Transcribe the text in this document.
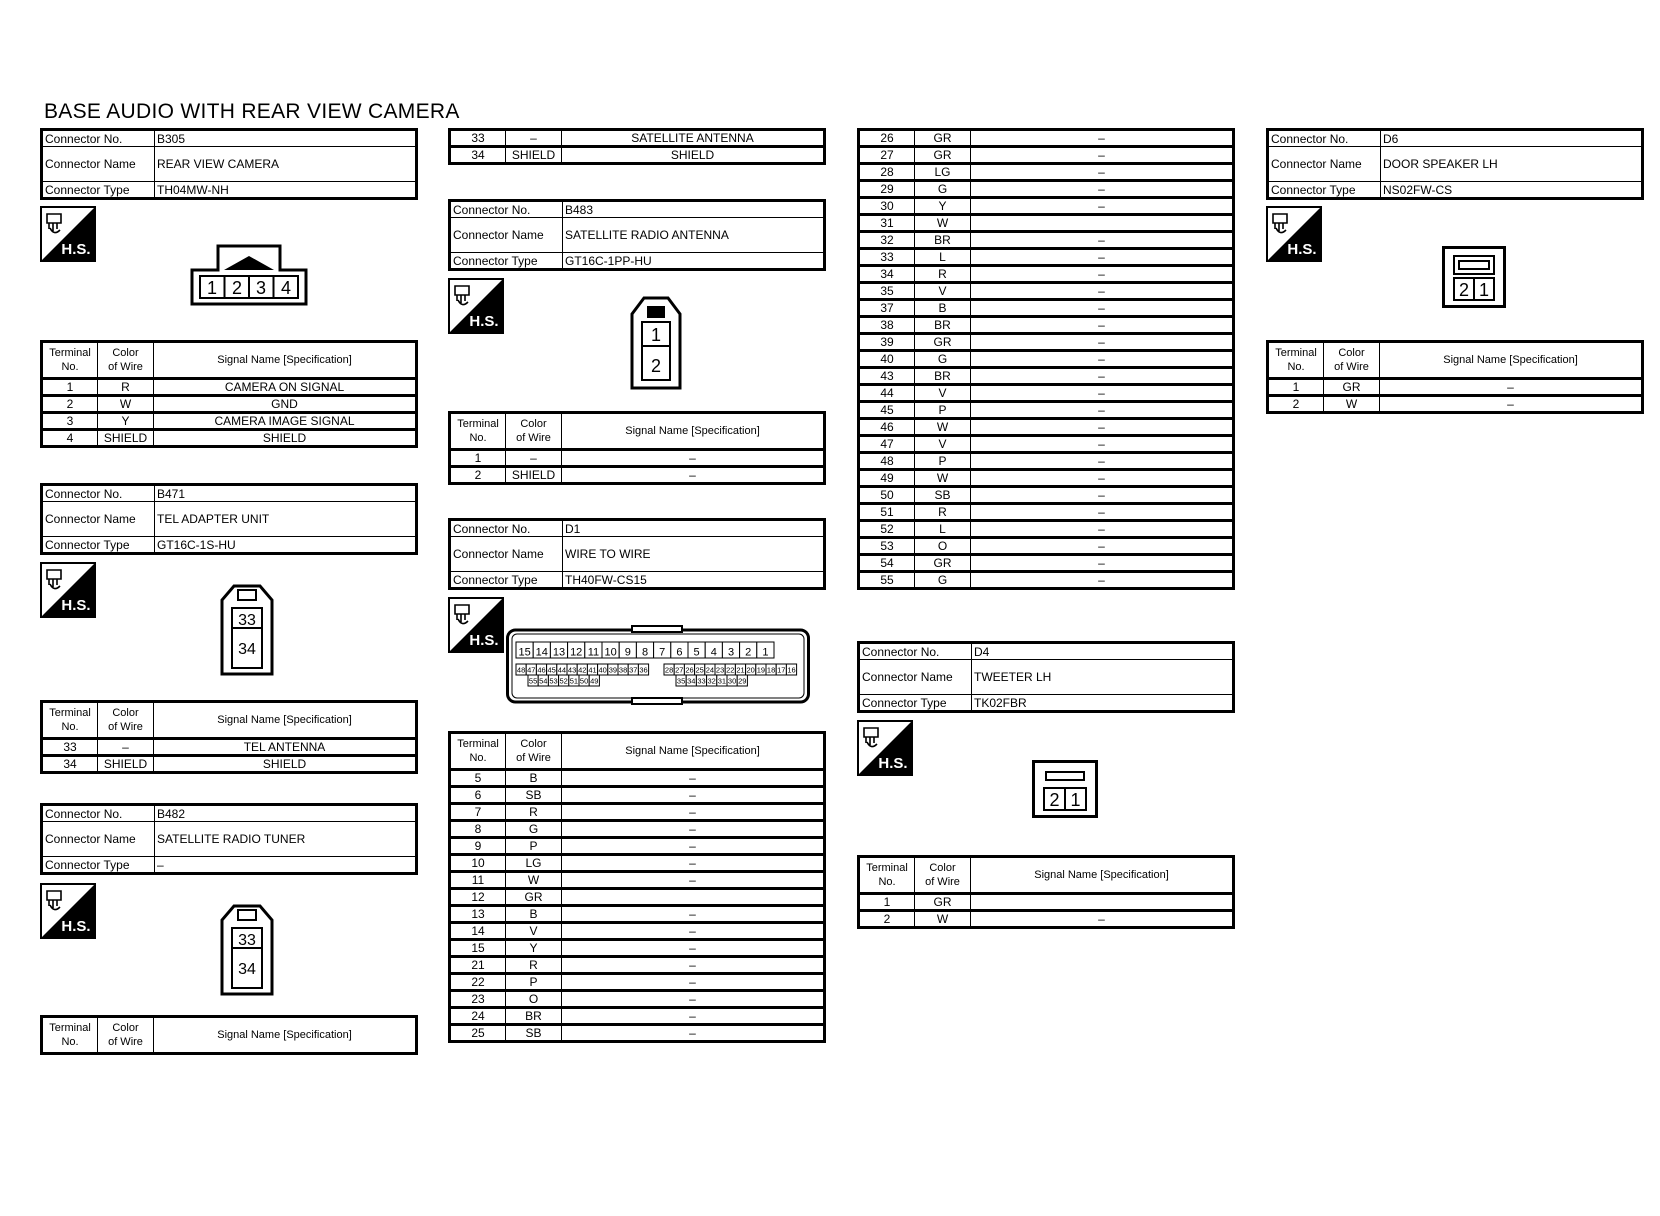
BASE AUDIO WITH REAR VIEW CAMERA
Connector No.	B305
Connector Name	REAR VIEW CAMERA
Connector Type	TH04MW-NH
H.S.
1 2 3 4
Terminal
No.	Color
of Wire	Signal Name [Specification]
1	R	CAMERA ON SIGNAL
2	W	GND
3	Y	CAMERA IMAGE SIGNAL
4	SHIELD	SHIELD
Connector No.	B471
Connector Name	TEL ADAPTER UNIT
Connector Type	GT16C-1S-HU
H.S.
33
34
Terminal
No.	Color
of Wire	Signal Name [Specification]
33	–	TEL ANTENNA
34	SHIELD	SHIELD
Connector No.	B482
Connector Name	SATELLITE RADIO TUNER
Connector Type	–
H.S.
33
34
Terminal
No.	Color
of Wire	Signal Name [Specification]
33	–	SATELLITE ANTENNA
34	SHIELD	SHIELD
Connector No.	B483
Connector Name	SATELLITE RADIO ANTENNA
Connector Type	GT16C-1PP-HU
H.S.
1
2
Terminal
No.	Color
of Wire	Signal Name [Specification]
1	–	–
2	SHIELD	–
Connector No.	D1
Connector Name	WIRE TO WIRE
Connector Type	TH40FW-CS15
H.S.
15 14 13 12 11 10 9 8 7 6 5 4 3 2 1
48 47 46 45 44 43 42 41 40 39 38 37 36 28 27 26 25 24 23 22 21 20 19 18 17 16
55 54 53 52 51 50 49	35 34 33 32 31 30 29
Terminal
No.	Color
of Wire	Signal Name [Specification]
5	B	–
6	SB	–
7	R	–
8	G	–
9	P	–
10	LG	–
11	W	–
12	GR	
13	B	–
14	V	–
15	Y	–
21	R	–
22	P	–
23	O	–
24	BR	–
25	SB	–
26	GR	–
27	GR	–
28	LG	–
29	G	–
30	Y	–
31	W	
32	BR	–
33	L	–
34	R	–
35	V	–
37	B	–
38	BR	–
39	GR	–
40	G	–
43	BR	–
44	V	–
45	P	–
46	W	–
47	V	–
48	P	–
49	W	–
50	SB	–
51	R	–
52	L	–
53	O	–
54	GR	–
55	G	–
Connector No.	D4
Connector Name	TWEETER LH
Connector Type	TK02FBR
H.S.
2 1
Terminal
No.	Color
of Wire	Signal Name [Specification]
1	GR	
2	W	–
Connector No.	D6
Connector Name	DOOR SPEAKER LH
Connector Type	NS02FW-CS
H.S.
2 1
Terminal
No.	Color
of Wire	Signal Name [Specification]
1	GR	–
2	W	–
